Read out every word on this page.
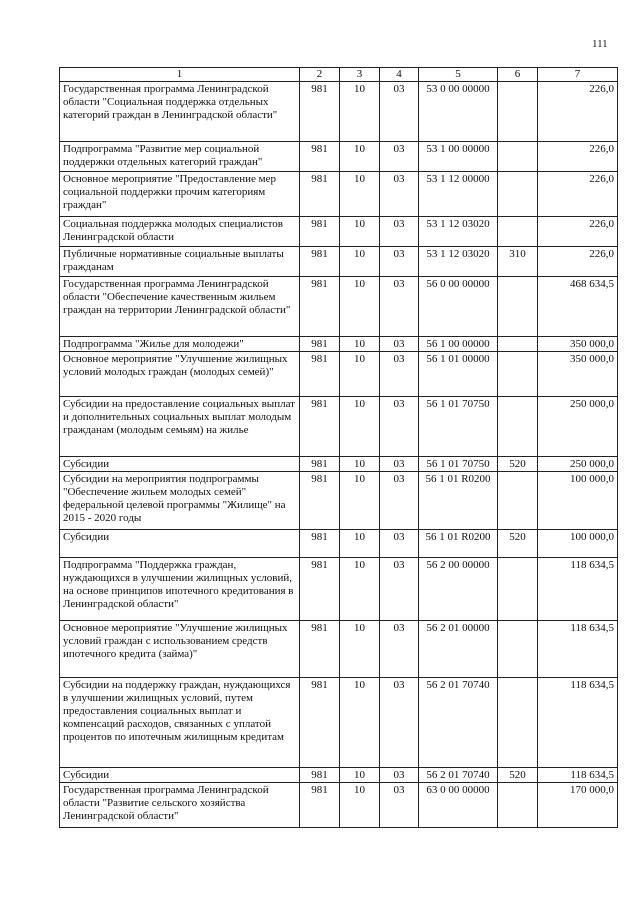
111
1	2	3	4	5	6	7
Государственная программа Ленинградской области "Социальная поддержка отдельных категорий граждан в Ленинградской области"	981	10	03	53 0 00 00000		226,0
Подпрограмма "Развитие мер социальной поддержки отдельных категорий граждан"	981	10	03	53 1 00 00000		226,0
Основное мероприятие "Предоставление мер социальной поддержки прочим категориям граждан"	981	10	03	53 1 12 00000		226,0
Социальная поддержка молодых специалистов Ленинградской области	981	10	03	53 1 12 03020		226,0
Публичные нормативные социальные выплаты гражданам	981	10	03	53 1 12 03020	310	226,0
Государственная программа Ленинградской области "Обеспечение качественным жильем граждан на территории Ленинградской области"	981	10	03	56 0 00 00000		468 634,5
Подпрограмма "Жилье для молодежи"	981	10	03	56 1 00 00000		350 000,0
Основное мероприятие "Улучшение жилищных условий молодых граждан (молодых семей)"	981	10	03	56 1 01 00000		350 000,0
Субсидии на предоставление социальных выплат и дополнительных социальных выплат молодым гражданам (молодым семьям) на жилье	981	10	03	56 1 01 70750		250 000,0
Субсидии	981	10	03	56 1 01 70750	520	250 000,0
Субсидии на мероприятия подпрограммы "Обеспечение жильем молодых семей" федеральной целевой программы "Жилище" на 2015 - 2020 годы	981	10	03	56 1 01 R0200		100 000,0
Субсидии	981	10	03	56 1 01 R0200	520	100 000,0
Подпрограмма "Поддержка граждан, нуждающихся в улучшении жилищных условий, на основе принципов ипотечного кредитования в Ленинградской области"	981	10	03	56 2 00 00000		118 634,5
Основное мероприятие "Улучшение жилищных условий граждан с использованием средств ипотечного кредита (займа)"	981	10	03	56 2 01 00000		118 634,5
Субсидии на поддержку граждан, нуждающихся в улучшении жилищных условий, путем предоставления социальных выплат и компенсаций расходов, связанных с уплатой процентов по ипотечным жилищным кредитам	981	10	03	56 2 01 70740		118 634,5
Субсидии	981	10	03	56 2 01 70740	520	118 634,5
Государственная программа Ленинградской области "Развитие сельского хозяйства Ленинградской области"	981	10	03	63 0 00 00000		170 000,0
